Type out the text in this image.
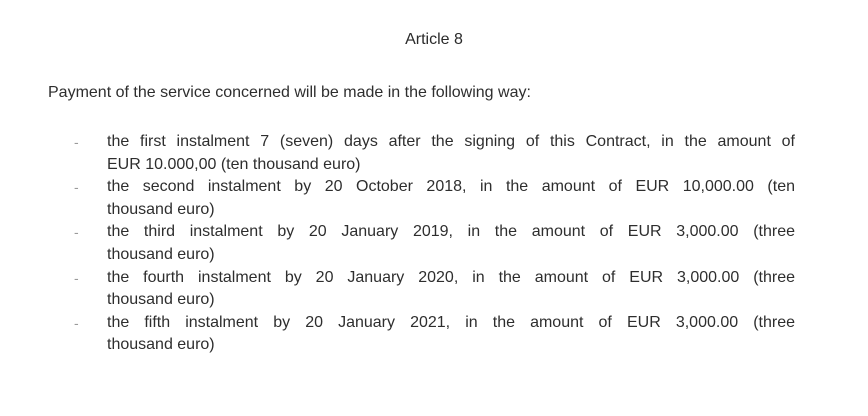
Article 8
Payment of the service concerned will be made in the following way:
- the first instalment 7 (seven) days after the signing of this Contract, in the amount of
EUR 10.000,00 (ten thousand euro)
- the second instalment by 20 October 2018, in the amount of EUR 10,000.00 (ten
thousand euro)
- the third instalment by 20 January 2019, in the amount of EUR 3,000.00 (three
thousand euro)
- the fourth instalment by 20 January 2020, in the amount of EUR 3,000.00 (three
thousand euro)
- the fifth instalment by 20 January 2021, in the amount of EUR 3,000.00 (three
thousand euro)
